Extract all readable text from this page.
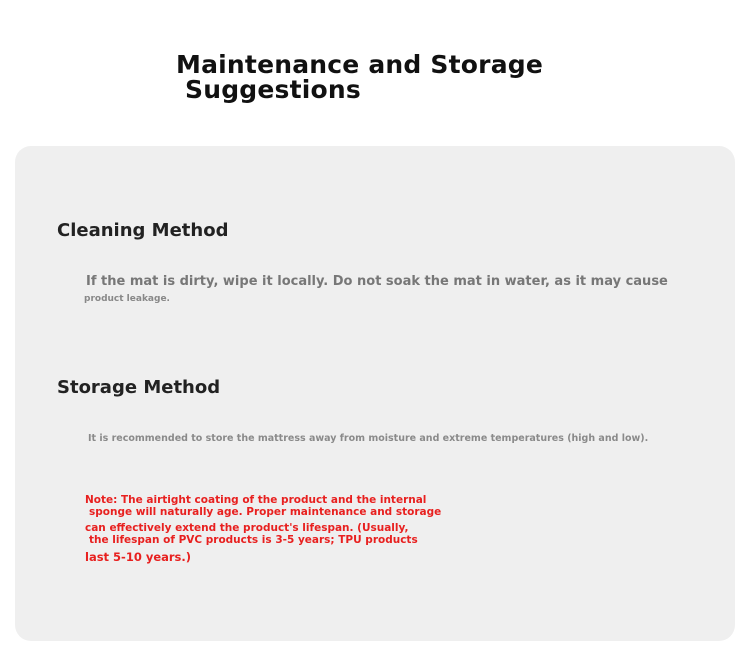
Maintenance and Storage
Suggestions
Cleaning Method

If the mat is dirty, wipe it locally. Do not soak the mat in water, as it may cause
product leakage.

Storage Method

It is recommended to store the mattress away from moisture and extreme temperatures (high and low).

Note: The airtight coating of the product and the internal
sponge will naturally age. Proper maintenance and storage
can effectively extend the product's lifespan. (Usually,
the lifespan of PVC products is 3-5 years; TPU products
last 5-10 years.)
